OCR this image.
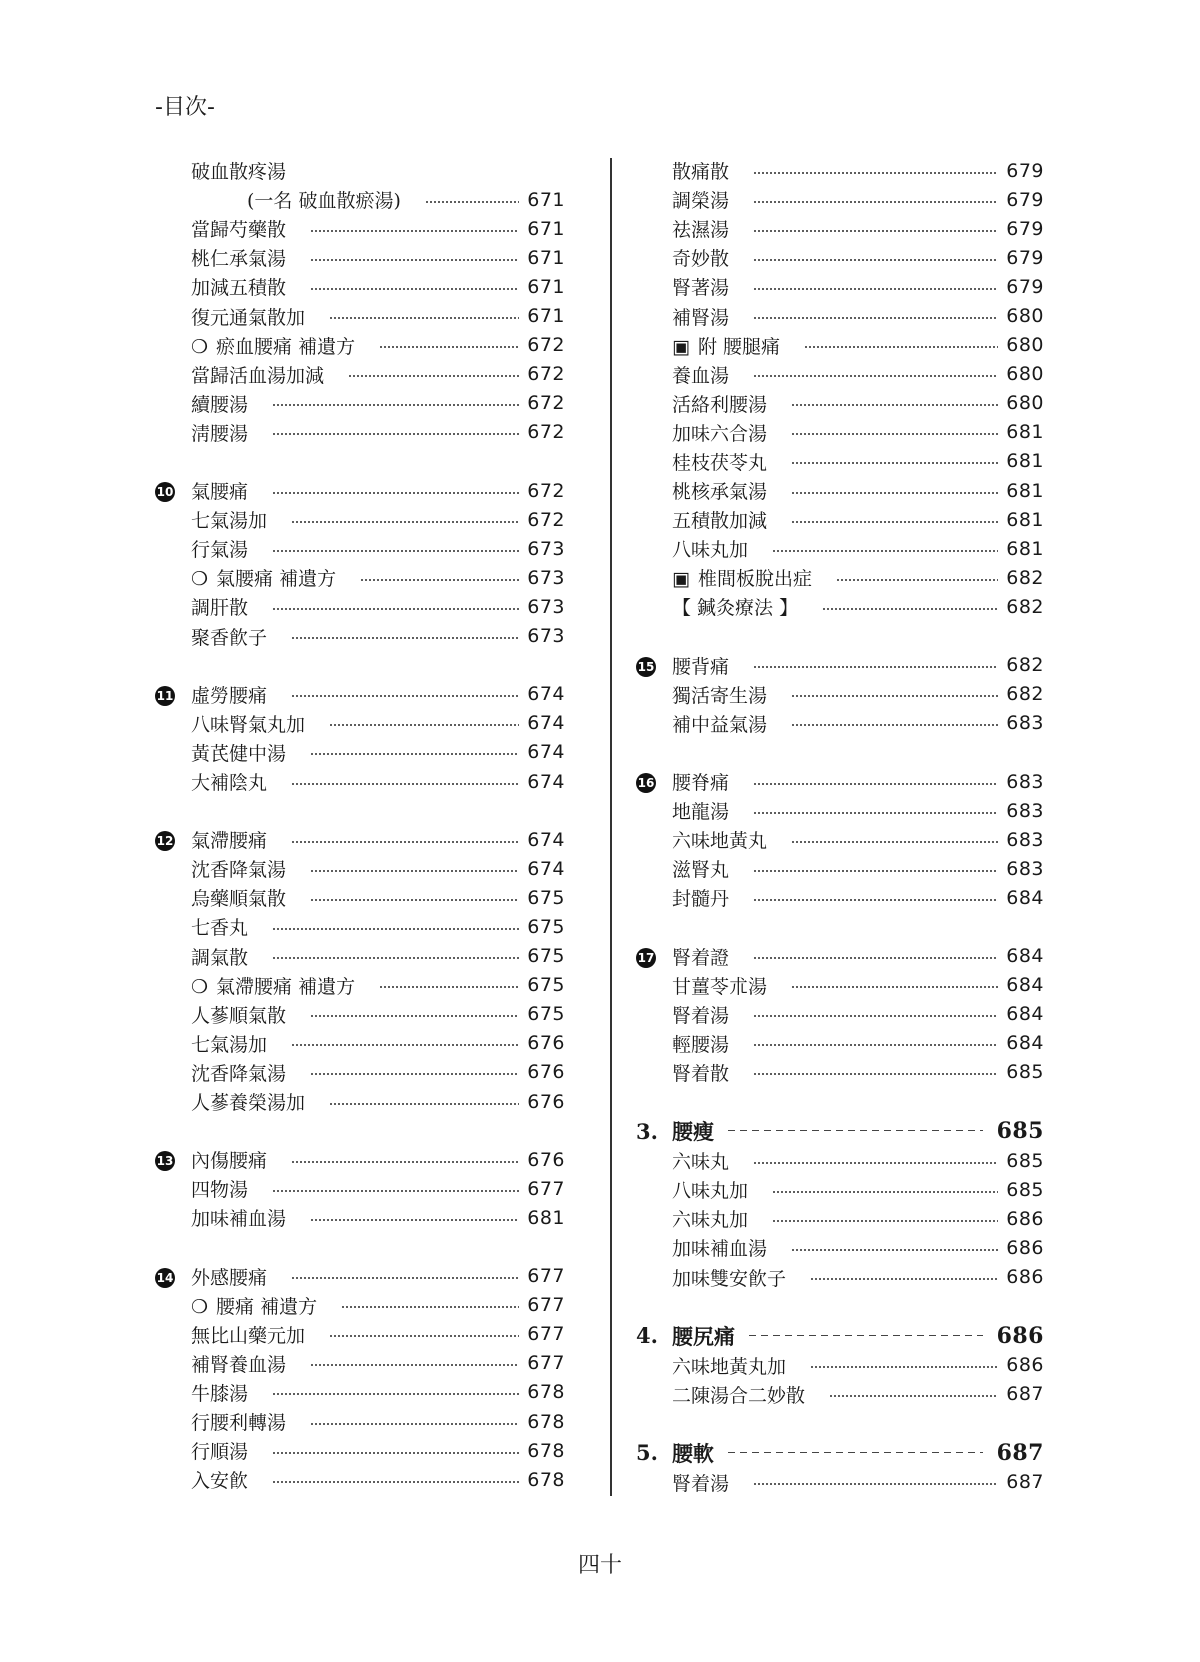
-目次-
破血散疼湯
(一名 破血散瘀湯)	671
當歸芍藥散	671
桃仁承氣湯	671
加減五積散	671
復元通氣散加	671
❍ 瘀血腰痛 補遺方	672
當歸活血湯加減	672
續腰湯	672
淸腰湯	672
10 氣腰痛	672
七氣湯加	672
行氣湯	673
❍ 氣腰痛 補遺方	673
調肝散	673
聚香飮子	673
11 虛勞腰痛	674
八味腎氣丸加	674
黃芪健中湯	674
大補陰丸	674
12 氣滯腰痛	674
沈香降氣湯	674
烏藥順氣散	675
七香丸	675
調氣散	675
❍ 氣滯腰痛 補遺方	675
人蔘順氣散	675
七氣湯加	676
沈香降氣湯	676
人蔘養榮湯加	676
13 內傷腰痛	676
四物湯	677
加味補血湯	681
14 外感腰痛	677
❍ 腰痛 補遺方	677
無比山藥元加	677
補腎養血湯	677
牛膝湯	678
行腰利轉湯	678
行順湯	678
入安飮	678
散痛散	679
調榮湯	679
祛濕湯	679
奇妙散	679
腎著湯	679
補腎湯	680
▣ 附 腰腿痛	680
養血湯	680
活絡利腰湯	680
加味六合湯	681
桂枝茯苓丸	681
桃核承氣湯	681
五積散加減	681
八味丸加	681
▣ 椎間板脫出症	682
【 鍼灸療法 】	682
15 腰背痛	682
獨活寄生湯	682
補中益氣湯	683
16 腰脊痛	683
地龍湯	683
六味地黃丸	683
滋腎丸	683
封髓丹	684
17 腎着證	684
甘薑苓朮湯	684
腎着湯	684
輕腰湯	684
腎着散	685
3. 腰瘦	685
六味丸	685
八味丸加	685
六味丸加	686
加味補血湯	686
加味雙安飮子	686
4. 腰尻痛	686
六味地黃丸加	686
二陳湯合二妙散	687
5. 腰軟	687
腎着湯	687
四十
